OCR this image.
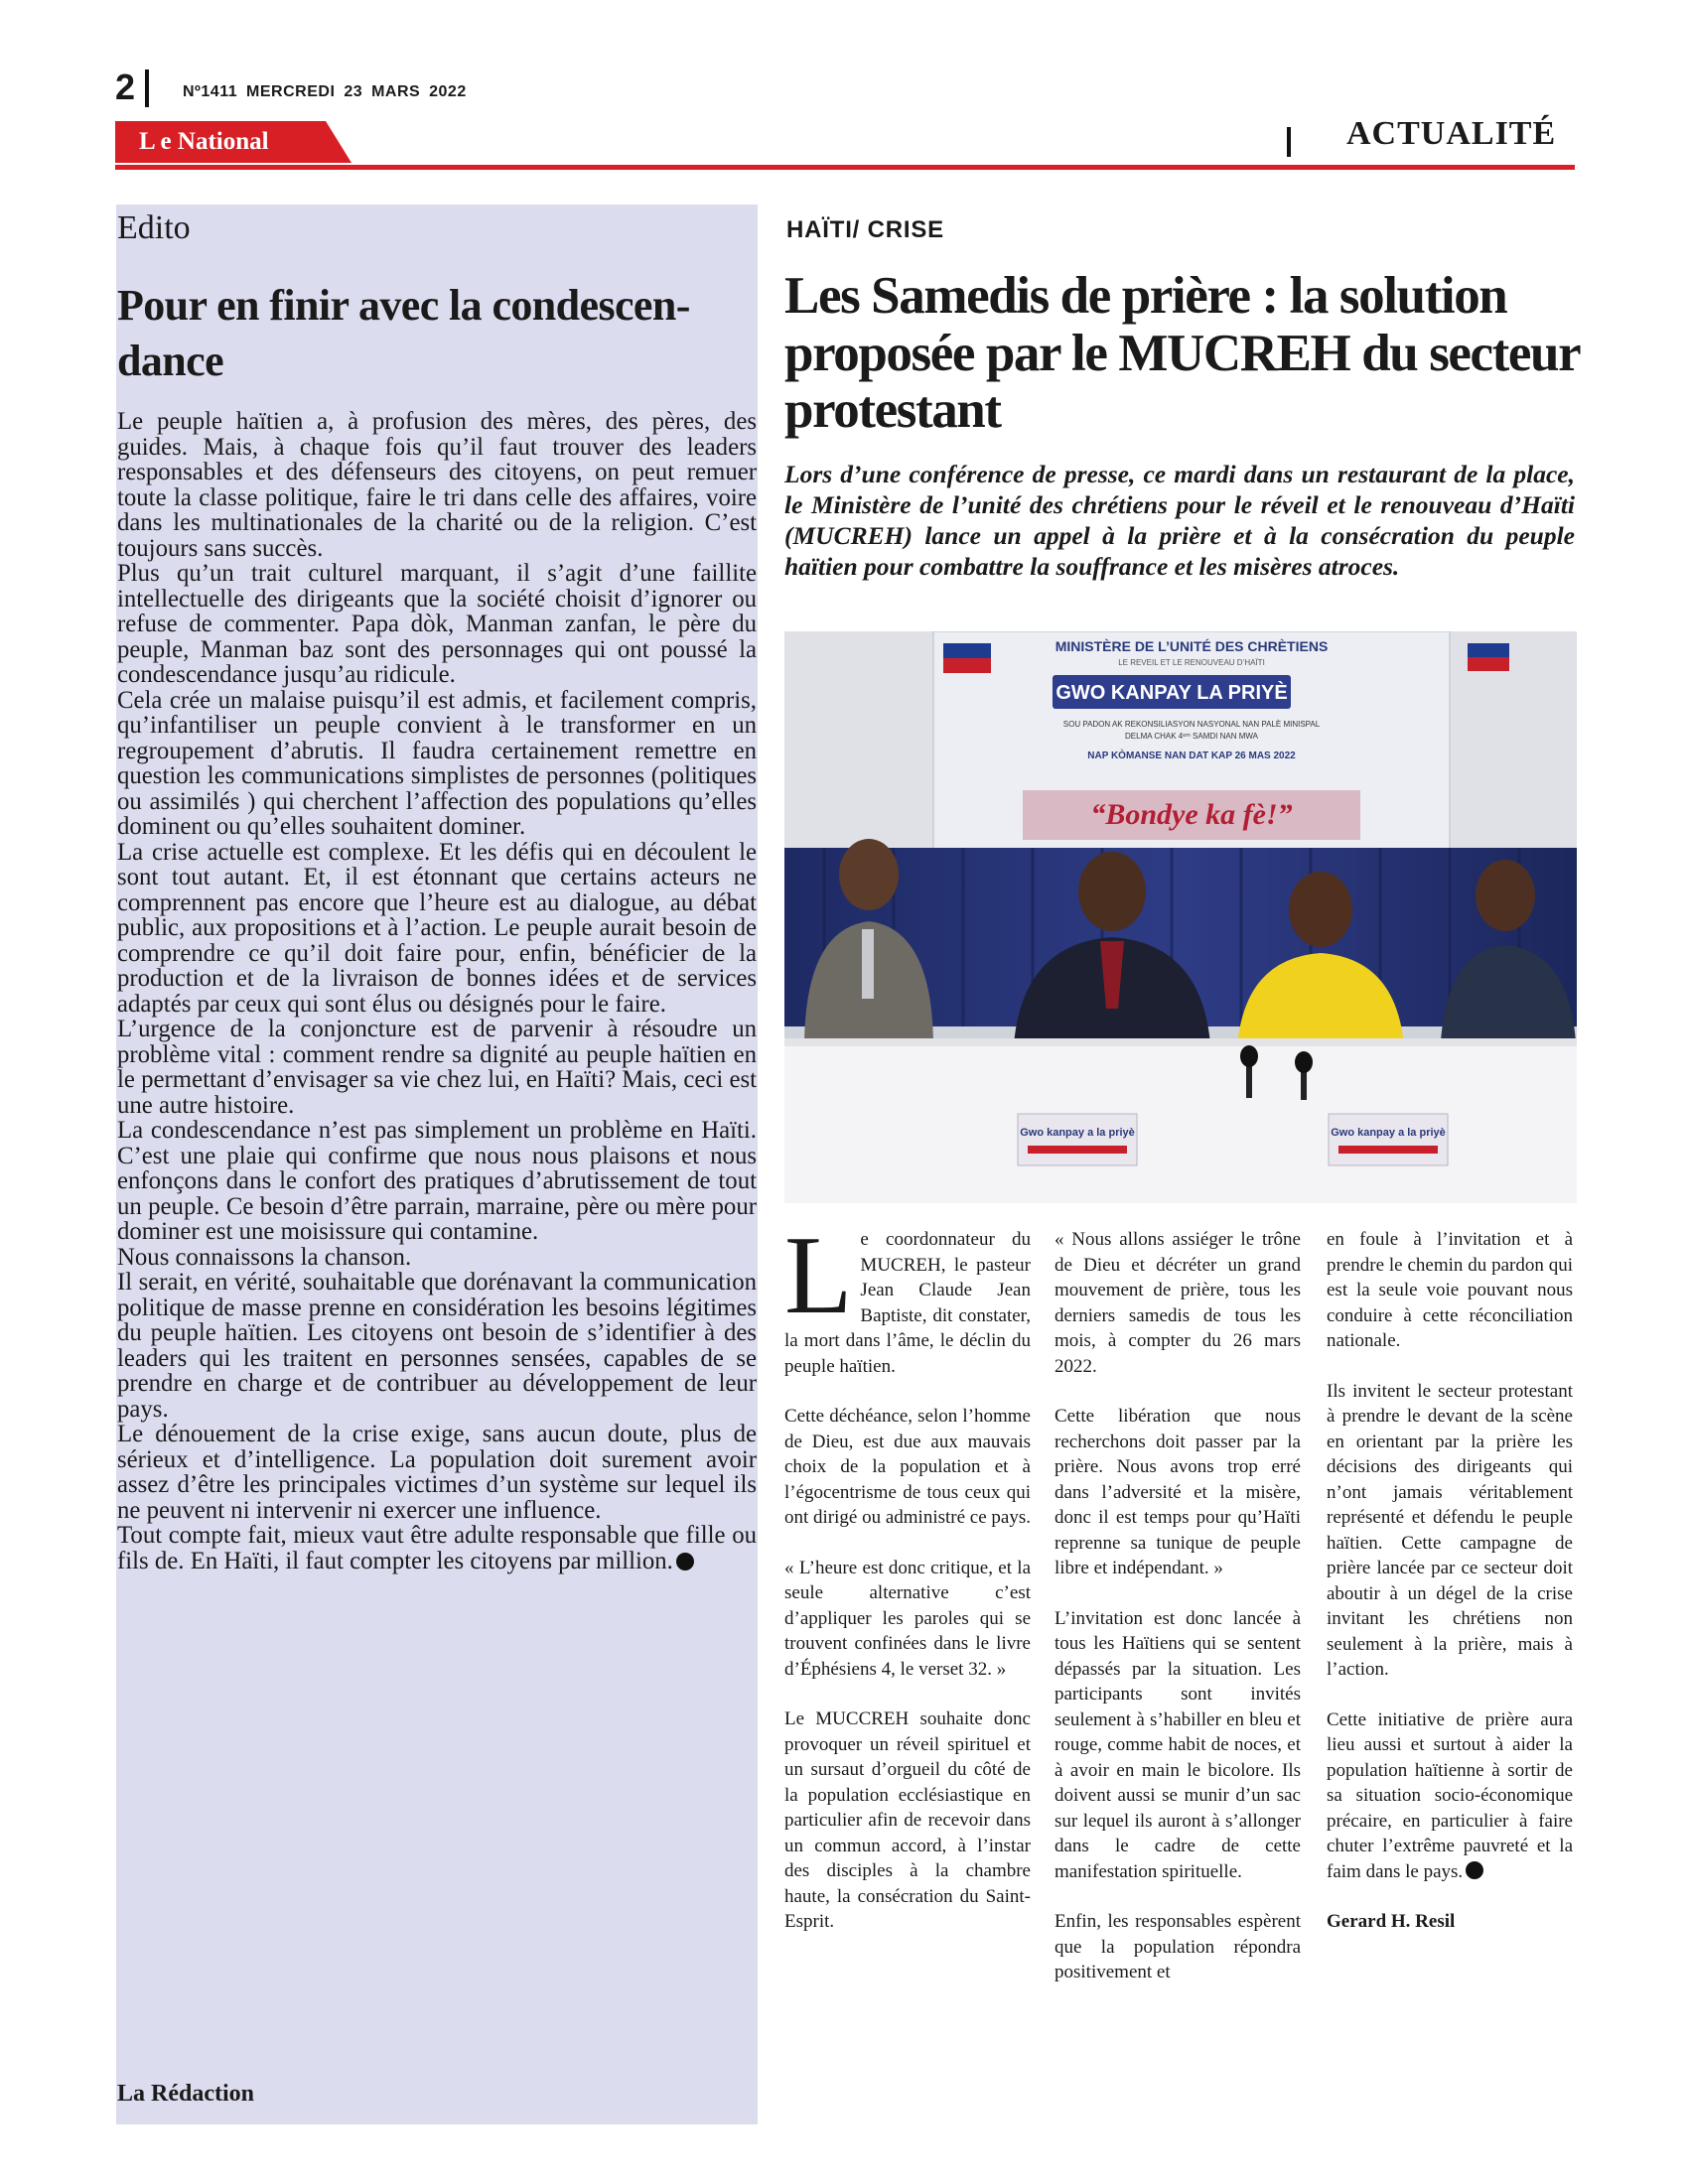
2	Nº1411 MERCREDI 23 MARS 2022
L e National	ACTUALITÉ
Edito
Pour en finir avec la condescen-dance

Le peuple haïtien a, à profusion des mères, des pères, des guides. Mais, à chaque fois qu’il faut trouver des leaders responsables et des défenseurs des citoyens, on peut remuer toute la classe politique, faire le tri dans celle des affaires, voire dans les multinationales de la charité ou de la religion. C’est toujours sans succès.

Plus qu’un trait culturel marquant, il s’agit d’une faillite intellectuelle des dirigeants que la société choisit d’ignorer ou refuse de commenter. Papa dòk, Manman zanfan, le père du peuple, Manman baz sont des personnages qui ont poussé la condescendance jusqu’au ridicule.

Cela crée un malaise puisqu’il est admis, et facilement compris, qu’infantiliser un peuple convient à le transformer en un regroupement d’abrutis. Il faudra certainement remettre en question les communications simplistes de personnes (politiques ou assimilés ) qui cherchent l’affection des populations qu’elles dominent ou qu’elles souhaitent dominer.

La crise actuelle est complexe. Et les défis qui en découlent le sont tout autant. Et, il est étonnant que certains acteurs ne comprennent pas encore que l’heure est au dialogue, au débat public, aux propositions et à l’action. Le peuple aurait besoin de comprendre ce qu’il doit faire pour, enfin, bénéficier de la production et de la livraison de bonnes idées et de services adaptés par ceux qui sont élus ou désignés pour le faire.

L’urgence de la conjoncture est de parvenir à résoudre un problème vital : comment rendre sa dignité au peuple haïtien en le permettant d’envisager sa vie chez lui, en Haïti? Mais, ceci est une autre histoire.

La condescendance n’est pas simplement un problème en Haïti. C’est une plaie qui confirme que nous nous plaisons et nous enfonçons dans le confort des pratiques d’abrutissement de tout un peuple. Ce besoin d’être parrain, marraine, père ou mère pour dominer est une moisissure qui contamine.

Nous connaissons la chanson.

Il serait, en vérité, souhaitable que dorénavant la communication politique de masse prenne en considération les besoins légitimes du peuple haïtien. Les citoyens ont besoin de s’identifier à des leaders qui les traitent en personnes sensées, capables de se prendre en charge et de contribuer au développement de leur pays.

Le dénouement de la crise exige, sans aucun doute, plus de sérieux et d’intelligence. La population doit surement avoir assez d’être les principales victimes d’un système sur lequel ils ne peuvent ni intervenir ni exercer une influence.

Tout compte fait, mieux vaut être adulte responsable que fille ou fils de. En Haïti, il faut compter les citoyens par million.

La Rédaction
HAÏTI/ CRISE
Les Samedis de prière : la solution proposée par le MUCREH du secteur protestant
Lors d’une conférence de presse, ce mardi dans un restaurant de la place, le Ministère de l’unité des chrétiens pour le réveil et le renouveau d’Haïti (MUCREH) lance un appel à la prière et à la consécration du peuple haïtien pour combattre la souffrance et les misères atroces.
MINISTÈRE DE L’UNITÉ DES CHRÈTIENS
LE REVEIL ET LE RENOUVEAU D’HAÏTI
GWO KANPAY LA PRIYÈ
SOU PADON AK REKONSILIASYON NASYONAL NAN PALÈ MINISPAL
DELMA CHAK 4ᵉᵐ SAMDI NAN MWA
NAP KÒMANSE NAN DAT KAP 26 MAS 2022
“Bondye ka fè!”
Gwo kanpay a la priyè	Gwo kanpay a la priyè

Le coordonnateur du MUCREH, le pasteur Jean Claude Jean Baptiste, dit constater, la mort dans l’âme, le déclin du peuple haïtien.

Cette déchéance, selon l’homme de Dieu, est due aux mauvais choix de la population et à l’égocentrisme de tous ceux qui ont dirigé ou administré ce pays.

« L’heure est donc critique, et la seule alternative c’est d’appliquer les paroles qui se trouvent confinées dans le livre d’Éphésiens 4, le verset 32. »

Le MUCCREH souhaite donc provoquer un réveil spirituel et un sursaut d’orgueil du côté de la population ecclésiastique en particulier afin de recevoir dans un commun accord, à l’instar des disciples à la chambre haute, la consécration du Saint-Esprit.

« Nous allons assiéger le trône de Dieu et décréter un grand mouvement de prière, tous les derniers samedis de tous les mois, à compter du 26 mars 2022.

Cette libération que nous recherchons doit passer par la prière. Nous avons trop erré dans l’adversité et la misère, donc il est temps pour qu’Haïti reprenne sa tunique de peuple libre et indépendant. »

L’invitation est donc lancée à tous les Haïtiens qui se sentent dépassés par la situation. Les participants sont invités seulement à s’habiller en bleu et rouge, comme habit de noces, et à avoir en main le bicolore. Ils doivent aussi se munir d’un sac sur lequel ils auront à s’allonger dans le cadre de cette manifestation spirituelle.

Enfin, les responsables espèrent que la population répondra positivement et

en foule à l’invitation et à prendre le chemin du pardon qui est la seule voie pouvant nous conduire à cette réconciliation nationale.

Ils invitent le secteur protestant à prendre le devant de la scène en orientant par la prière les décisions des dirigeants qui n’ont jamais véritablement représenté et défendu le peuple haïtien. Cette campagne de prière lancée par ce secteur doit aboutir à un dégel de la crise invitant les chrétiens non seulement à la prière, mais à l’action.

Cette initiative de prière aura lieu aussi et surtout à aider la population haïtienne à sortir de sa situation socio-économique précaire, en particulier à faire chuter l’extrême pauvreté et la faim dans le pays.

Gerard H. Resil
